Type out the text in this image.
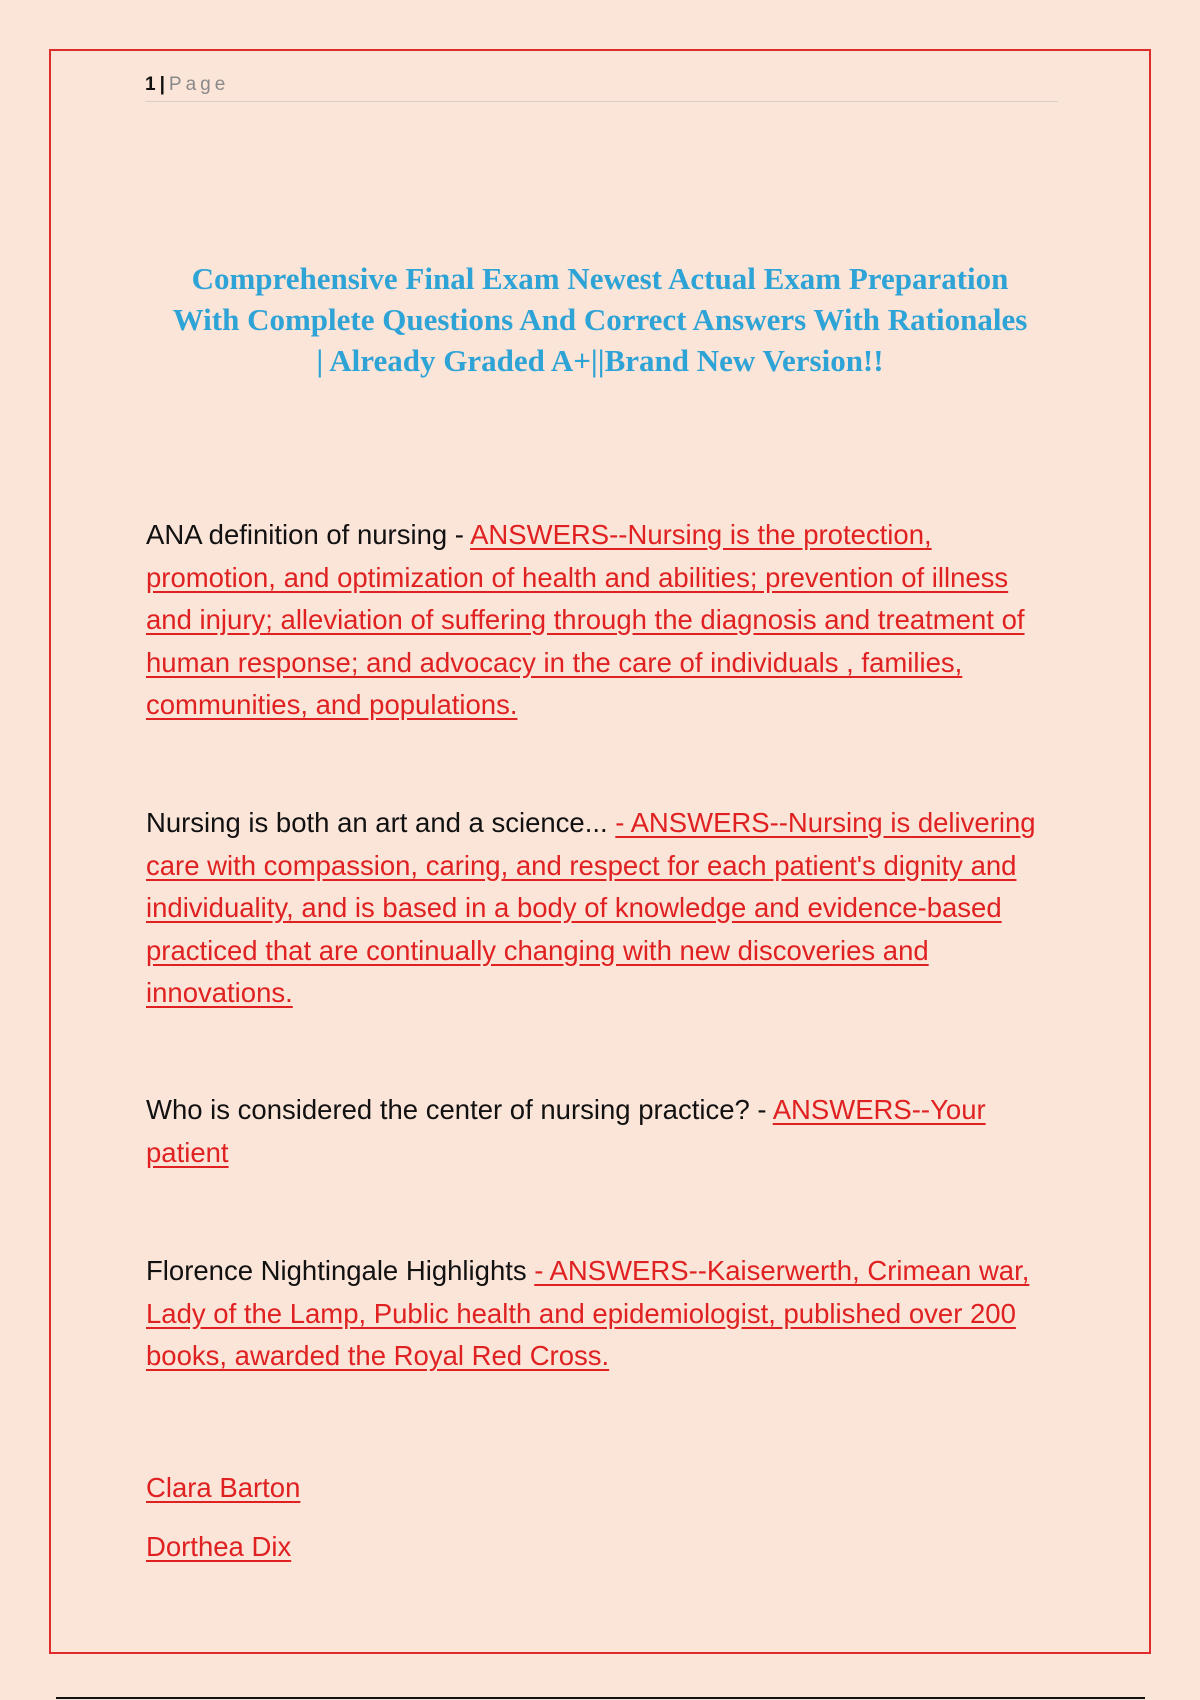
1 | Page
Comprehensive Final Exam Newest Actual Exam Preparation
With Complete Questions And Correct Answers With Rationales
| Already Graded A+||Brand New Version!!

ANA definition of nursing - ANSWERS--Nursing is the protection, promotion, and optimization of health and abilities; prevention of illness and injury; alleviation of suffering through the diagnosis and treatment of human response; and advocacy in the care of individuals , families, communities, and populations.

Nursing is both an art and a science... - ANSWERS--Nursing is delivering care with compassion, caring, and respect for each patient's dignity and individuality, and is based in a body of knowledge and evidence-based practiced that are continually changing with new discoveries and innovations.

Who is considered the center of nursing practice? - ANSWERS--Your patient

Florence Nightingale Highlights - ANSWERS--Kaiserwerth, Crimean war, Lady of the Lamp, Public health and epidemiologist, published over 200 books, awarded the Royal Red Cross.

Clara Barton
Dorthea Dix
